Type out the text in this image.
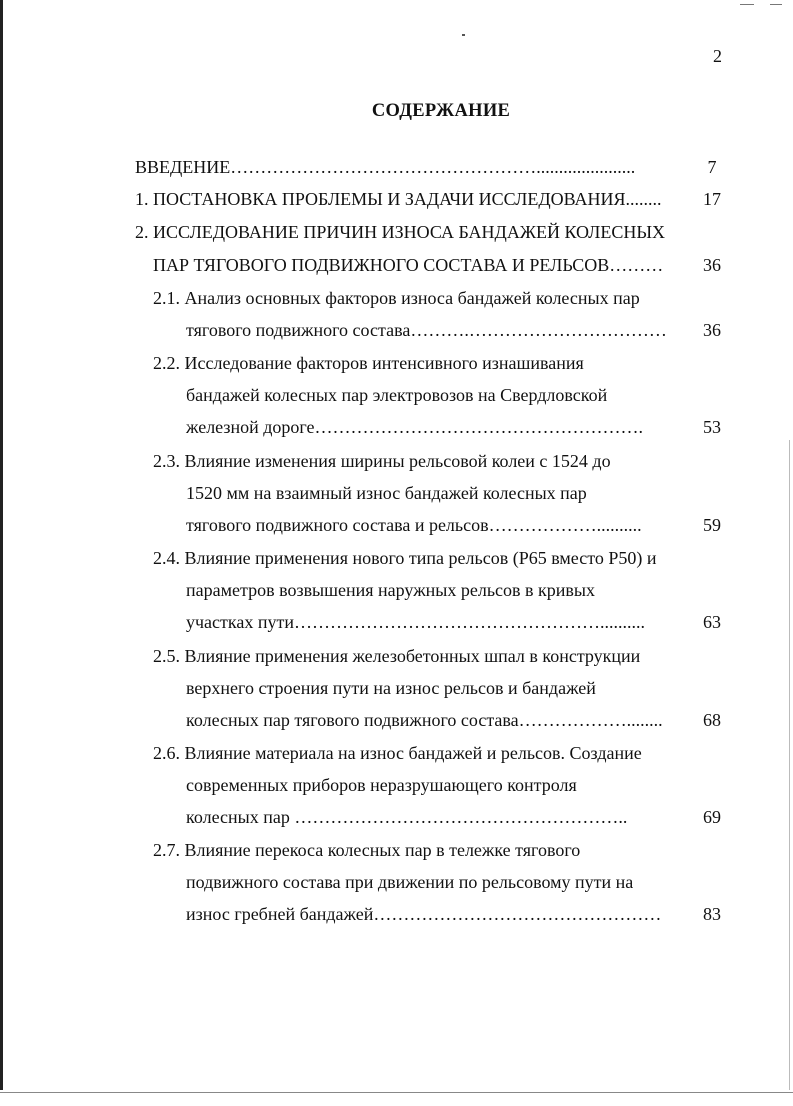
2
СОДЕРЖАНИЕ
ВВЕДЕНИЕ……………………………………………......................	7
1. ПОСТАНОВКА ПРОБЛЕМЫ И ЗАДАЧИ ИССЛЕДОВАНИЯ........	17
2. ИССЛЕДОВАНИЕ ПРИЧИН ИЗНОСА БАНДАЖЕЙ КОЛЕСНЫХ
ПАР ТЯГОВОГО ПОДВИЖНОГО СОСТАВА И РЕЛЬСОВ………	36
2.1. Анализ основных факторов износа бандажей колесных пар
тягового подвижного состава……….……………………………	36
2.2. Исследование факторов интенсивного изнашивания
бандажей колесных пар электровозов на Свердловской
железной дороге……………………………………………….	53
2.3. Влияние изменения ширины рельсовой колеи с 1524 до
1520 мм на взаимный износ бандажей колесных пар
тягового подвижного состава и рельсов………………..........	59
2.4. Влияние применения нового типа рельсов (Р65 вместо Р50) и
параметров возвышения наружных рельсов в кривых
участках пути……………………………………………..........	63
2.5. Влияние применения железобетонных шпал в конструкции
верхнего строения пути на износ рельсов и бандажей
колесных пар тягового подвижного состава………………........	68
2.6. Влияние материала на износ бандажей и рельсов. Создание
современных приборов неразрушающего контроля
колесных пар ………………………………………………..	69
2.7. Влияние перекоса колесных пар в тележке тягового
подвижного состава при движении по рельсовому пути на
износ гребней бандажей…………………………………………	83
